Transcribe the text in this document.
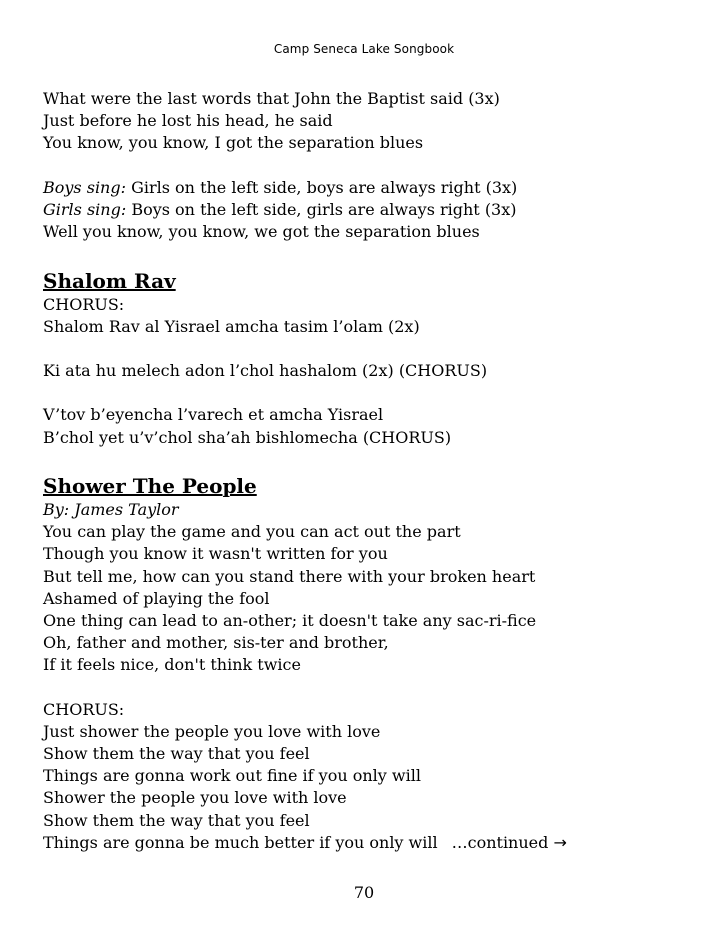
Camp Seneca Lake Songbook
What were the last words that John the Baptist said (3x)
Just before he lost his head, he said
You know, you know, I got the separation blues
Boys sing: Girls on the left side, boys are always right (3x)
Girls sing: Boys on the left side, girls are always right (3x)
Well you know, you know, we got the separation blues
Shalom Rav
CHORUS:
Shalom Rav al Yisrael amcha tasim l’olam (2x)
Ki ata hu melech adon l’chol hashalom (2x) (CHORUS)
V’tov b’eyencha l’varech et amcha Yisrael
B’chol yet u’v’chol sha’ah bishlomecha (CHORUS)
Shower The People
By: James Taylor
You can play the game and you can act out the part
Though you know it wasn't written for you
But tell me, how can you stand there with your broken heart
Ashamed of playing the fool
One thing can lead to an-other; it doesn't take any sac-ri-fice
Oh, father and mother, sis-ter and brother,
If it feels nice, don't think twice
CHORUS:
Just shower the people you love with love
Show them the way that you feel
Things are gonna work out fine if you only will
Shower the people you love with love
Show them the way that you feel
Things are gonna be much better if you only will …continued →
70
